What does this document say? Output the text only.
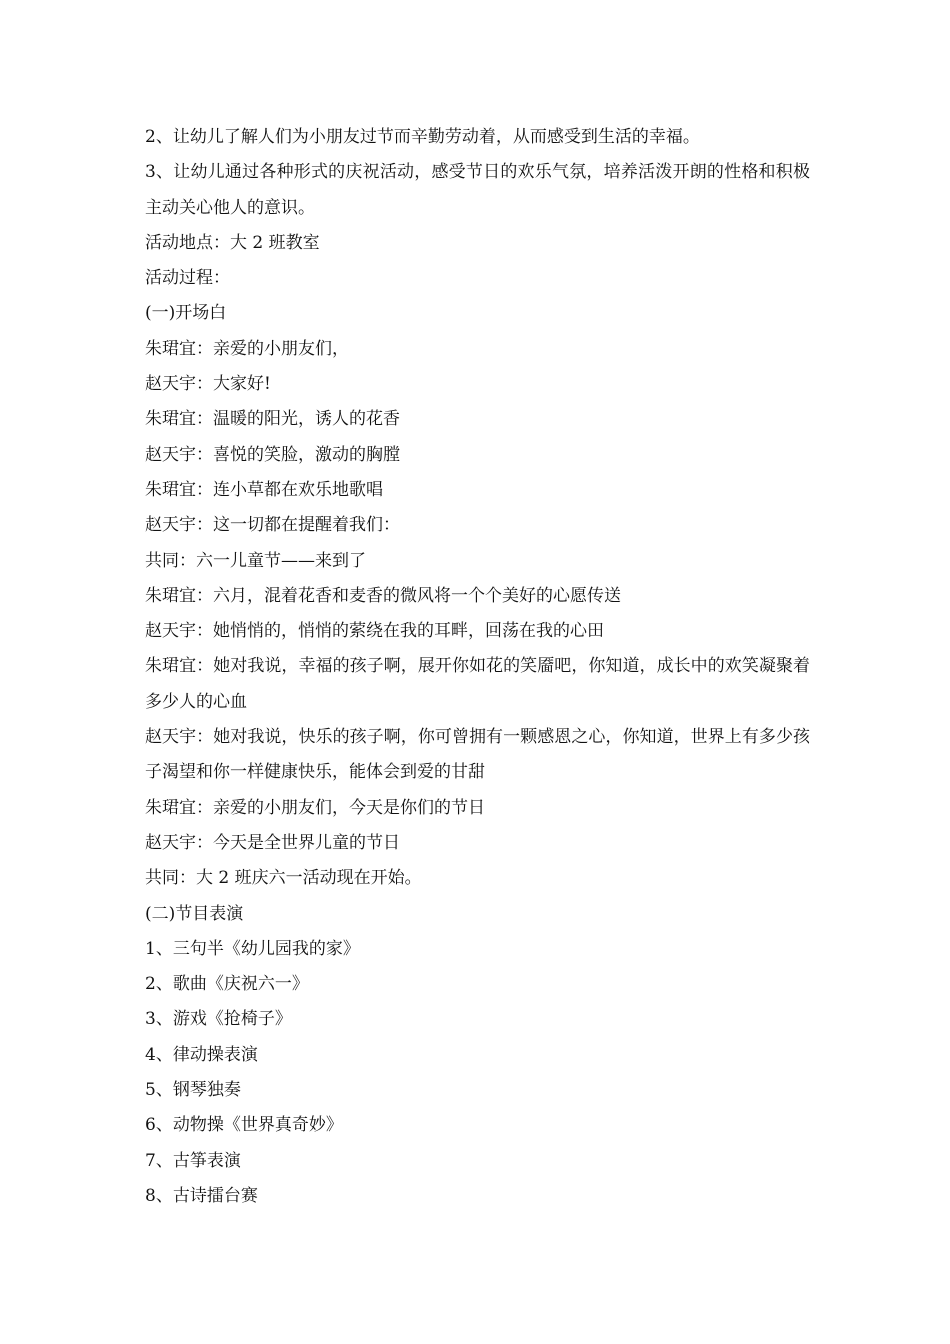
2、让幼儿了解人们为小朋友过节而辛勤劳动着，从而感受到生活的幸福。

3、让幼儿通过各种形式的庆祝活动，感受节日的欢乐气氛，培养活泼开朗的性格和积极主动关心他人的意识。

活动地点：大 2 班教室

活动过程：

(一)开场白

朱珺宜：亲爱的小朋友们，

赵天宇：大家好!

朱珺宜：温暖的阳光，诱人的花香

赵天宇：喜悦的笑脸，激动的胸膛

朱珺宜：连小草都在欢乐地歌唱

赵天宇：这一切都在提醒着我们：

共同：六一儿童节——来到了

朱珺宜：六月，混着花香和麦香的微风将一个个美好的心愿传送

赵天宇：她悄悄的，悄悄的萦绕在我的耳畔，回荡在我的心田

朱珺宜：她对我说，幸福的孩子啊，展开你如花的笑靥吧，你知道，成长中的欢笑凝聚着多少人的心血

赵天宇：她对我说，快乐的孩子啊，你可曾拥有一颗感恩之心，你知道，世界上有多少孩子渴望和你一样健康快乐，能体会到爱的甘甜

朱珺宜：亲爱的小朋友们，今天是你们的节日

赵天宇：今天是全世界儿童的节日

共同：大 2 班庆六一活动现在开始。

(二)节目表演

1、三句半《幼儿园我的家》

2、歌曲《庆祝六一》

3、游戏《抢椅子》

4、律动操表演

5、钢琴独奏

6、动物操《世界真奇妙》

7、古筝表演

8、古诗擂台赛
